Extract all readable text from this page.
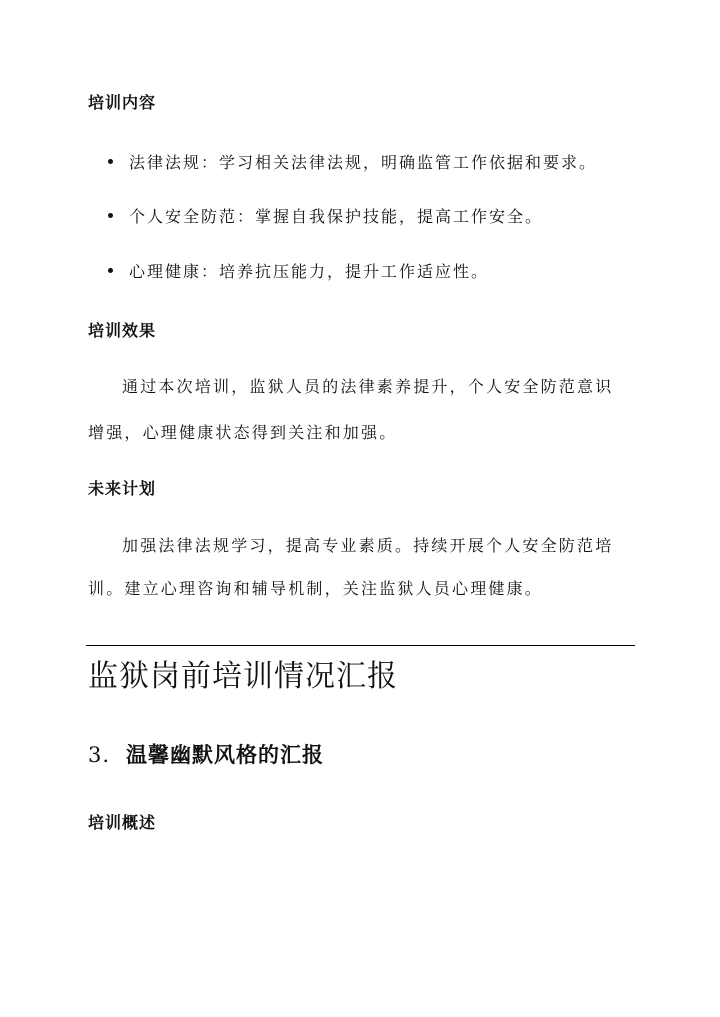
培训内容
法律法规：学习相关法律法规，明确监管工作依据和要求。
个人安全防范：掌握自我保护技能，提高工作安全。
心理健康：培养抗压能力，提升工作适应性。
培训效果

通过本次培训，监狱人员的法律素养提升，个人安全防范意识

增强，心理健康状态得到关注和加强。

未来计划

加强法律法规学习，提高专业素质。持续开展个人安全防范培

训。建立心理咨询和辅导机制，关注监狱人员心理健康。

监狱岗前培训情况汇报
3. 温馨幽默风格的汇报
培训概述
